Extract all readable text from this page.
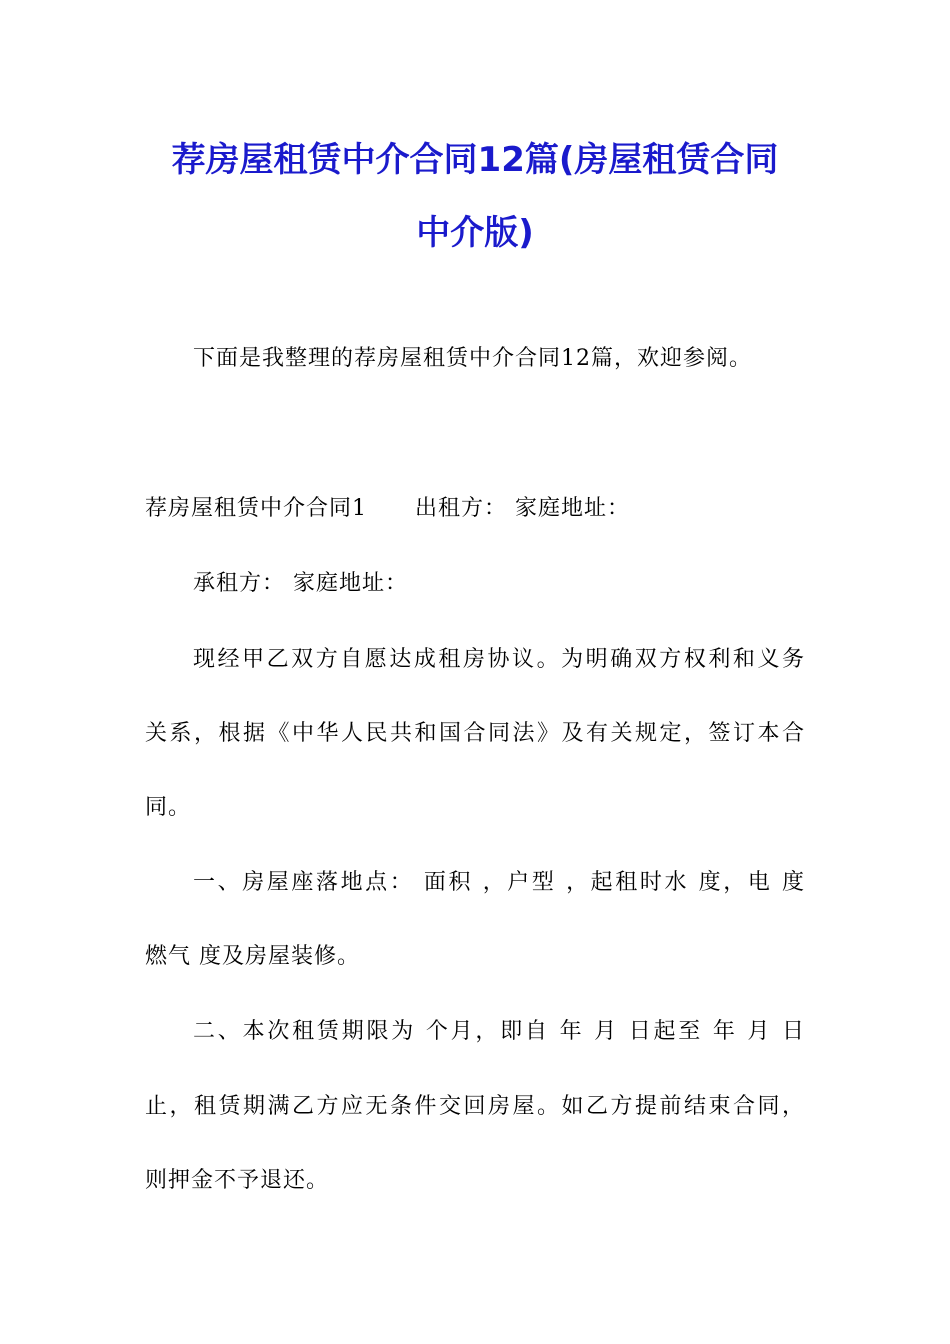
荐房屋租赁中介合同12篇(房屋租赁合同
中介版)
下面是我整理的荐房屋租赁中介合同12篇，欢迎参阅。
荐房屋租赁中介合同1 出租方： 家庭地址：
承租方： 家庭地址：
现经甲乙双方自愿达成租房协议。为明确双方权利和义务
关系，根据《中华人民共和国合同法》及有关规定，签订本合
同。
一、房屋座落地点： 面积 ，户型 ，起租时水 度，电 度
燃气 度及房屋装修。
二、本次租赁期限为 个月，即自 年 月 日起至 年 月 日
止，租赁期满乙方应无条件交回房屋。如乙方提前结束合同，
则押金不予退还。
